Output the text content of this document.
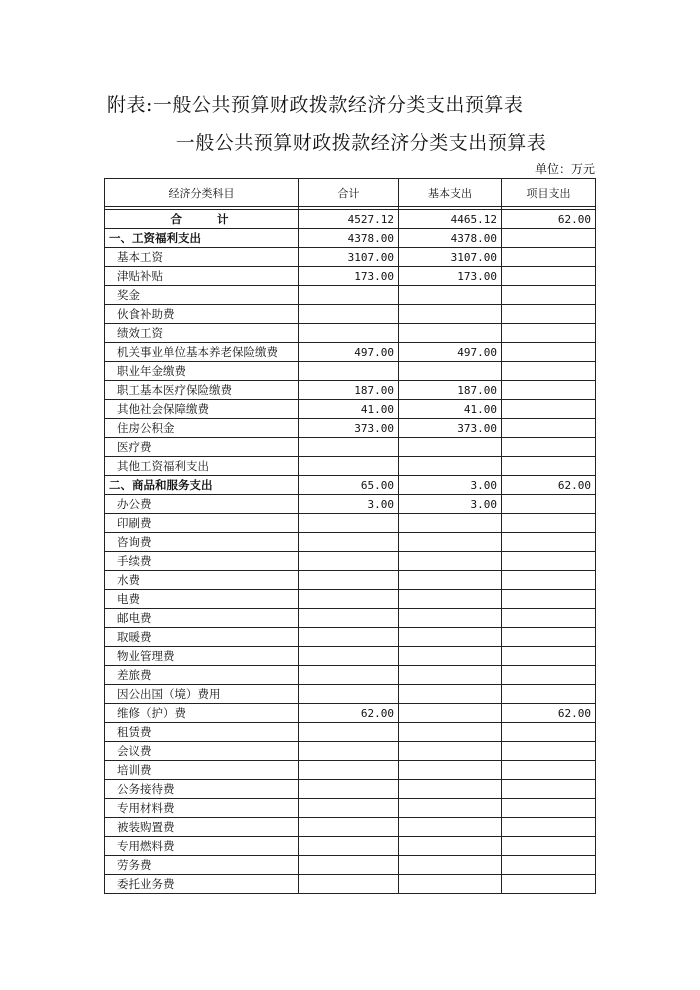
附表:一般公共预算财政拨款经济分类支出预算表
一般公共预算财政拨款经济分类支出预算表
单位：万元
经济分类科目	合计	基本支出	项目支出

合　　计	4527.12	4465.12	62.00
一、工资福利支出	4378.00	4378.00	
基本工资	3107.00	3107.00	
津贴补贴	173.00	173.00	
奖金			
伙食补助费			
绩效工资			
机关事业单位基本养老保险缴费	497.00	497.00	
职业年金缴费			
职工基本医疗保险缴费	187.00	187.00	
其他社会保障缴费	41.00	41.00	
住房公积金	373.00	373.00	
医疗费			
其他工资福利支出			
二、商品和服务支出	65.00	3.00	62.00
办公费	3.00	3.00	
印刷费			
咨询费			
手续费			
水费			
电费			
邮电费			
取暖费			
物业管理费			
差旅费			
因公出国（境）费用			
维修（护）费	62.00		62.00
租赁费			
会议费			
培训费			
公务接待费			
专用材料费			
被装购置费			
专用燃料费			
劳务费			
委托业务费			
